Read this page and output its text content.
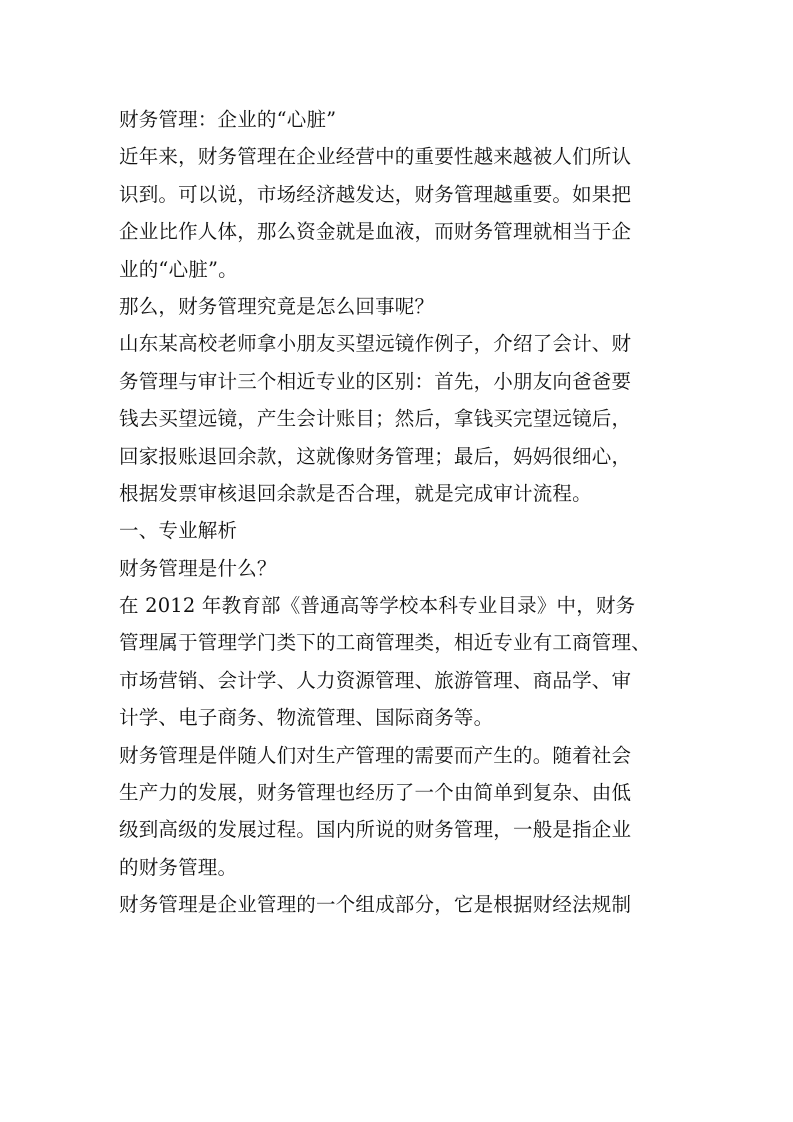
财务管理：企业的“心脏”
近年来，财务管理在企业经营中的重要性越来越被人们所认
识到。可以说，市场经济越发达，财务管理越重要。如果把
企业比作人体，那么资金就是血液，而财务管理就相当于企
业的“心脏”。
那么，财务管理究竟是怎么回事呢？
山东某高校老师拿小朋友买望远镜作例子，介绍了会计、财
务管理与审计三个相近专业的区别：首先，小朋友向爸爸要
钱去买望远镜，产生会计账目；然后，拿钱买完望远镜后，
回家报账退回余款，这就像财务管理；最后，妈妈很细心，
根据发票审核退回余款是否合理，就是完成审计流程。
一、专业解析
财务管理是什么？
在 2012 年教育部《普通高等学校本科专业目录》中，财务
管理属于管理学门类下的工商管理类，相近专业有工商管理、
市场营销、会计学、人力资源管理、旅游管理、商品学、审
计学、电子商务、物流管理、国际商务等。
财务管理是伴随人们对生产管理的需要而产生的。随着社会
生产力的发展，财务管理也经历了一个由简单到复杂、由低
级到高级的发展过程。国内所说的财务管理，一般是指企业
的财务管理。
财务管理是企业管理的一个组成部分，它是根据财经法规制
